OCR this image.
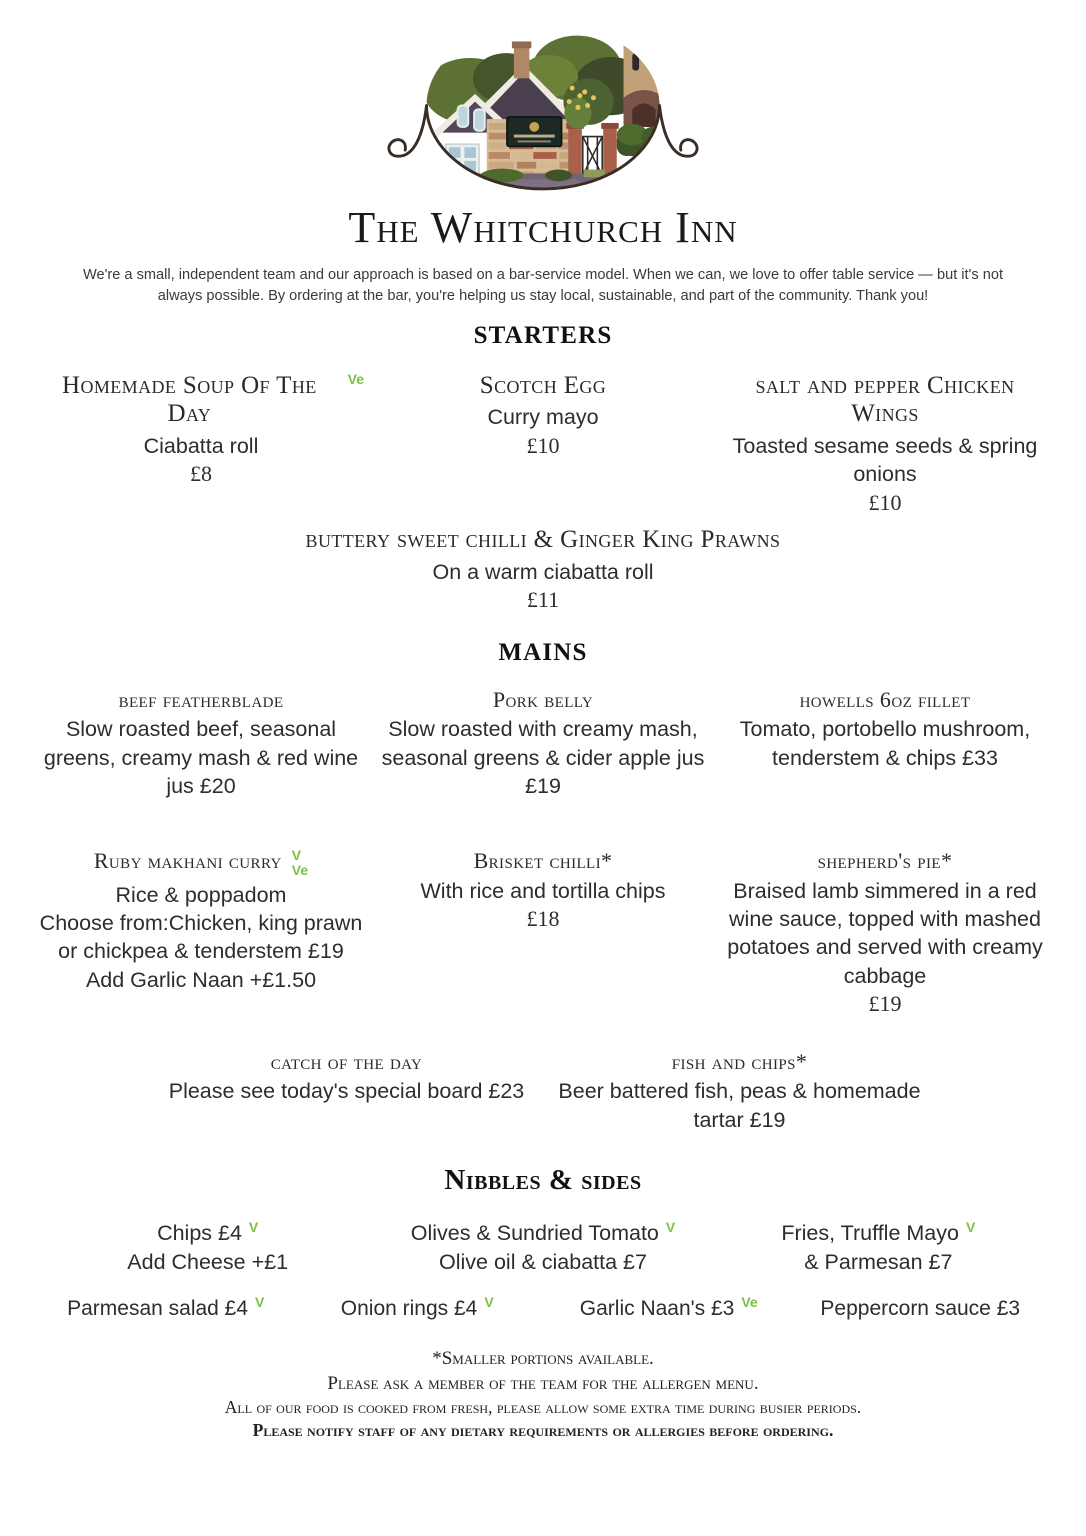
The Whitchurch Inn
We're a small, independent team and our approach is based on a bar-service model. When we can, we love to offer table service — but it's not always possible. By ordering at the bar, you're helping us stay local, sustainable, and part of the community. Thank you!
STARTERS
Homemade Soup Of The Day
Ve
Ciabatta roll
£8
Scotch Egg
Curry mayo
£10
salt and pepper Chicken Wings
Toasted sesame seeds & spring onions
£10
buttery sweet chilli & Ginger King Prawns
On a warm ciabatta roll
£11
MAINS
beef featherblade
Slow roasted beef, seasonal greens, creamy mash & red wine jus £20
Pork belly
Slow roasted with creamy mash, seasonal greens & cider apple jus £19
howells 6oz fillet
Tomato, portobello mushroom, tenderstem & chips £33
Ruby makhani curry V
Ve
Rice & poppadom
Choose from:Chicken, king prawn
or chickpea & tenderstem £19
Add Garlic Naan +£1.50
Brisket chilli*
With rice and tortilla chips
£18
shepherd's pie*
Braised lamb simmered in a red wine sauce, topped with mashed potatoes and served with creamy cabbage
£19
catch of the day
Please see today's special board £23
fish and chips*
Beer battered fish, peas & homemade tartar £19
Nibbles & sides
Chips £4 V
Add Cheese +£1
Olives & Sundried Tomato V
Olive oil & ciabatta £7
Fries, Truffle Mayo V
& Parmesan £7
Parmesan salad £4 V	Onion rings £4 V	Garlic Naan's £3 Ve	Peppercorn sauce £3
*Smaller portions available.
Please ask a member of the team for the allergen menu.
All of our food is cooked from fresh, please allow some extra time during busier periods.
Please notify staff of any dietary requirements or allergies before ordering.
